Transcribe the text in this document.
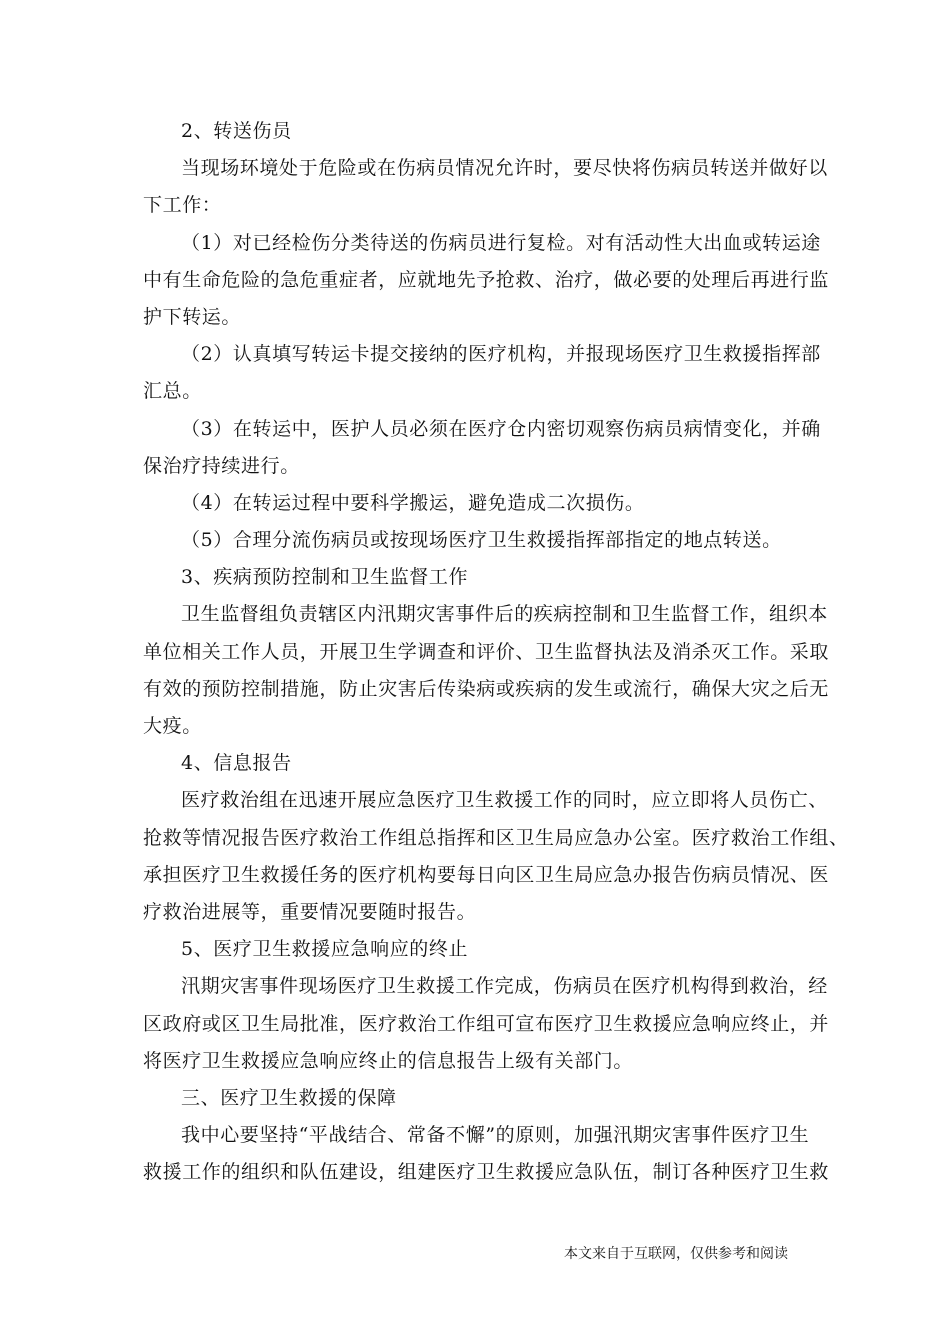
2、转送伤员
当现场环境处于危险或在伤病员情况允许时，要尽快将伤病员转送并做好以
下工作：
（1）对已经检伤分类待送的伤病员进行复检。对有活动性大出血或转运途
中有生命危险的急危重症者，应就地先予抢救、治疗，做必要的处理后再进行监
护下转运。
（2）认真填写转运卡提交接纳的医疗机构，并报现场医疗卫生救援指挥部
汇总。
（3）在转运中，医护人员必须在医疗仓内密切观察伤病员病情变化，并确
保治疗持续进行。
（4）在转运过程中要科学搬运，避免造成二次损伤。
（5）合理分流伤病员或按现场医疗卫生救援指挥部指定的地点转送。
3、疾病预防控制和卫生监督工作
卫生监督组负责辖区内汛期灾害事件后的疾病控制和卫生监督工作，组织本
单位相关工作人员，开展卫生学调查和评价、卫生监督执法及消杀灭工作。采取
有效的预防控制措施，防止灾害后传染病或疾病的发生或流行，确保大灾之后无
大疫。
4、信息报告
医疗救治组在迅速开展应急医疗卫生救援工作的同时，应立即将人员伤亡、
抢救等情况报告医疗救治工作组总指挥和区卫生局应急办公室。医疗救治工作组、
承担医疗卫生救援任务的医疗机构要每日向区卫生局应急办报告伤病员情况、医
疗救治进展等，重要情况要随时报告。
5、医疗卫生救援应急响应的终止
汛期灾害事件现场医疗卫生救援工作完成，伤病员在医疗机构得到救治，经
区政府或区卫生局批准，医疗救治工作组可宣布医疗卫生救援应急响应终止，并
将医疗卫生救援应急响应终止的信息报告上级有关部门。
三、医疗卫生救援的保障
我中心要坚持“平战结合、常备不懈”的原则，加强汛期灾害事件医疗卫生
救援工作的组织和队伍建设，组建医疗卫生救援应急队伍，制订各种医疗卫生救
本文来自于互联网，仅供参考和阅读
